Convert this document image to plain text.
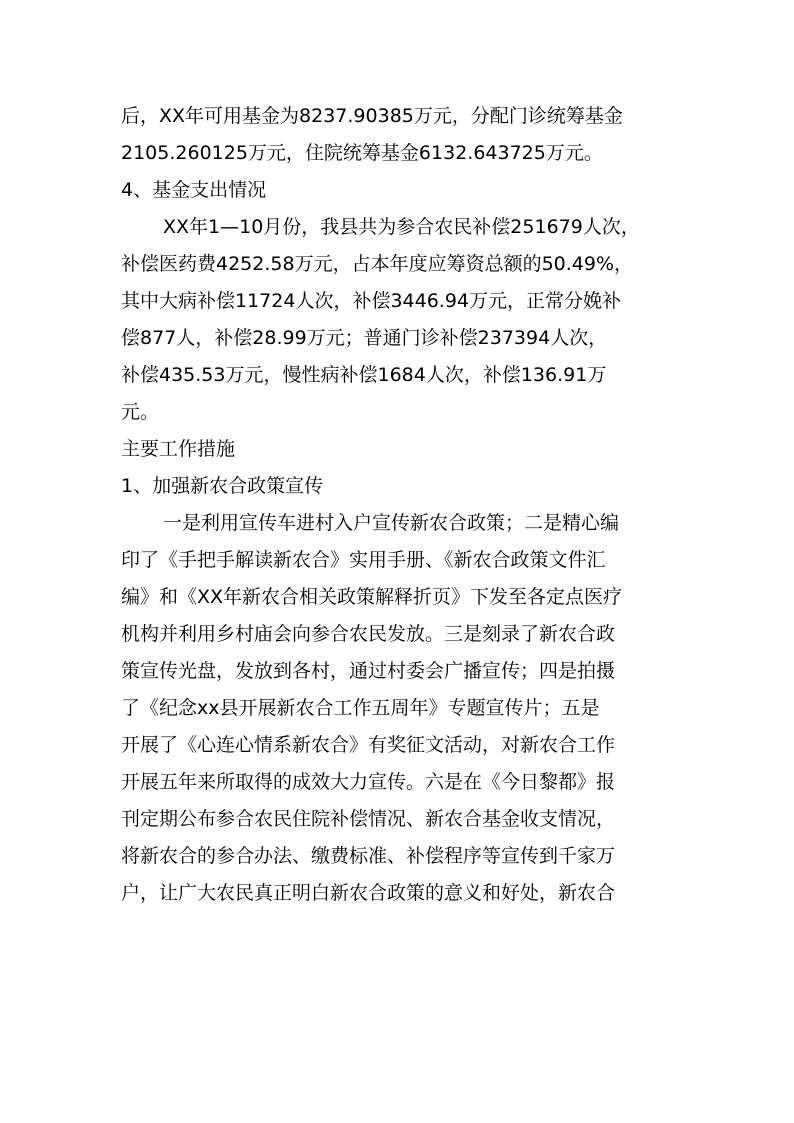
后，XX年可用基金为8237.90385万元，分配门诊统筹基金
2105.260125万元，住院统筹基金6132.643725万元。
4、基金支出情况
XX年1—10月份，我县共为参合农民补偿251679人次，
补偿医药费4252.58万元，占本年度应筹资总额的50.49%，
其中大病补偿11724人次，补偿3446.94万元，正常分娩补
偿877人，补偿28.99万元；普通门诊补偿237394人次，
补偿435.53万元，慢性病补偿1684人次，补偿136.91万
元。
主要工作措施
1、加强新农合政策宣传
一是利用宣传车进村入户宣传新农合政策；二是精心编
印了《手把手解读新农合》实用手册、《新农合政策文件汇
编》和《XX年新农合相关政策解释折页》下发至各定点医疗
机构并利用乡村庙会向参合农民发放。三是刻录了新农合政
策宣传光盘，发放到各村，通过村委会广播宣传；四是拍摄
了《纪念xx县开展新农合工作五周年》专题宣传片；五是
开展了《心连心情系新农合》有奖征文活动，对新农合工作
开展五年来所取得的成效大力宣传。六是在《今日黎都》报
刊定期公布参合农民住院补偿情况、新农合基金收支情况，
将新农合的参合办法、缴费标准、补偿程序等宣传到千家万
户，让广大农民真正明白新农合政策的意义和好处，新农合
